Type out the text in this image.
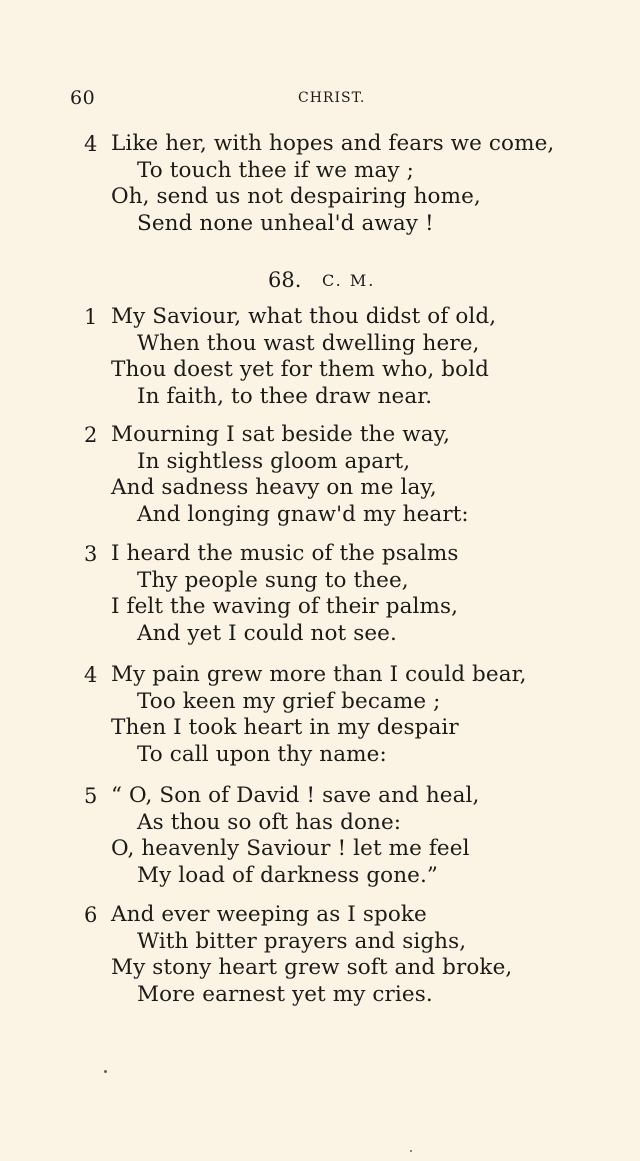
60	CHRIST.
4 Like her, with hopes and fears we come,
To touch thee if we may ;
Oh, send us not despairing home,
Send none unheal'd away !
68. C. M.
1 My Saviour, what thou didst of old,
When thou wast dwelling here,
Thou doest yet for them who, bold
In faith, to thee draw near.
2 Mourning I sat beside the way,
In sightless gloom apart,
And sadness heavy on me lay,
And longing gnaw'd my heart:
3 I heard the music of the psalms
Thy people sung to thee,
I felt the waving of their palms,
And yet I could not see.
4 My pain grew more than I could bear,
Too keen my grief became ;
Then I took heart in my despair
To call upon thy name:
5 “ O, Son of David ! save and heal,
As thou so oft has done:
O, heavenly Saviour ! let me feel
My load of darkness gone.”
6 And ever weeping as I spoke
With bitter prayers and sighs,
My stony heart grew soft and broke,
More earnest yet my cries.
